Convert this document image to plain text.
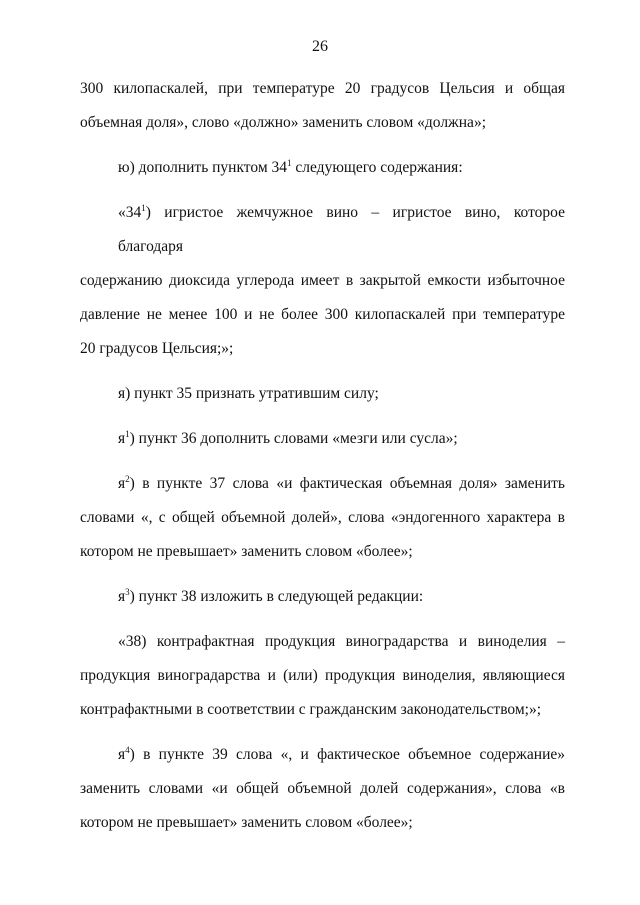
26

300 килопаскалей, при температуре 20 градусов Цельсия и общая
объемная доля», слово «должно» заменить словом «должна»;

ю) дополнить пунктом $34^1$ следующего содержания:

«$34^1$) игристое жемчужное вино – игристое вино, которое благодаря
содержанию диоксида углерода имеет в закрытой емкости избыточное
давление не менее 100 и не более 300 килопаскалей при температуре
20 градусов Цельсия;»;

я) пункт 35 признать утратившим силу;

$я^1$) пункт 36 дополнить словами «мезги или сусла»;

$я^2$) в пункте 37 слова «и фактическая объемная доля» заменить
словами «, с общей объемной долей», слова «эндогенного характера в
котором не превышает» заменить словом «более»;

$я^3$) пункт 38 изложить в следующей редакции:

«38) контрафактная продукция виноградарства и виноделия –
продукция виноградарства и (или) продукция виноделия, являющиеся
контрафактными в соответствии с гражданским законодательством;»;

$я^4$) в пункте 39 слова «, и фактическое объемное содержание»
заменить словами «и общей объемной долей содержания», слова «в
котором не превышает» заменить словом «более»;
